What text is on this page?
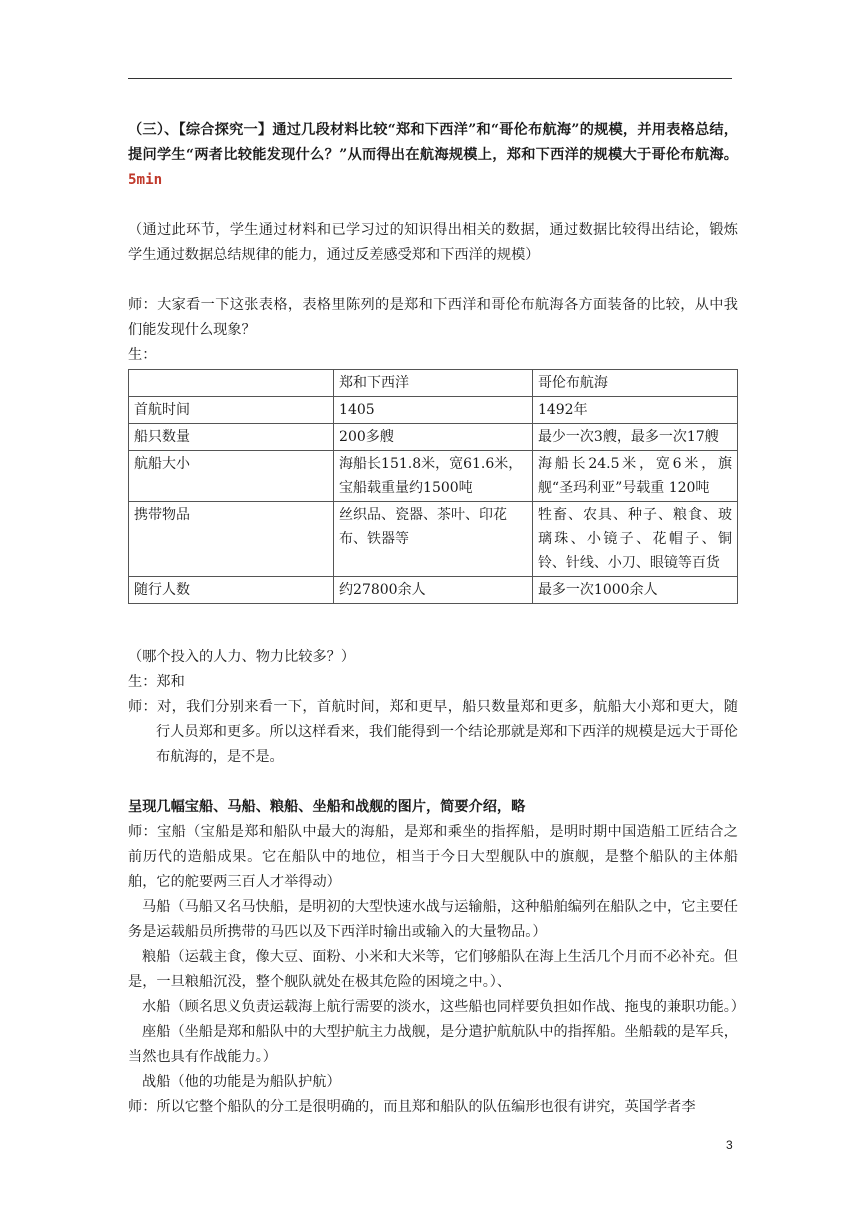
（三）、【综合探究一】通过几段材料比较“郑和下西洋”和“哥伦布航海”的规模，并用表格总结，提问学生“两者比较能发现什么？”从而得出在航海规模上，郑和下西洋的规模大于哥伦布航海。5min

（通过此环节，学生通过材料和已学习过的知识得出相关的数据，通过数据比较得出结论，锻炼学生通过数据总结规律的能力，通过反差感受郑和下西洋的规模）

师：大家看一下这张表格，表格里陈列的是郑和下西洋和哥伦布航海各方面装备的比较，从中我们能发现什么现象？

生：

	郑和下西洋	哥伦布航海
首航时间	1405	1492年
船只数量	200多艘	最少一次3艘，最多一次17艘
航船大小	海船长151.8米，宽61.6米，宝船载重量约1500吨	海船长24.5米，宽6米，旗舰“圣玛利亚”号载重 120吨
携带物品	丝织品、瓷器、茶叶、印花布、铁器等	牲畜、农具、种子、粮食、玻璃珠、小镜子、花帽子、铜铃、针线、小刀、眼镜等百货
随行人数	约27800余人	最多一次1000余人

（哪个投入的人力、物力比较多？）

生：郑和

师：对，我们分别来看一下，首航时间，郑和更早，船只数量郑和更多，航船大小郑和更大，随行人员郑和更多。所以这样看来，我们能得到一个结论那就是郑和下西洋的规模是远大于哥伦布航海的，是不是。

呈现几幅宝船、马船、粮船、坐船和战舰的图片，简要介绍，略

师：宝船（宝船是郑和船队中最大的海船，是郑和乘坐的指挥船，是明时期中国造船工匠结合之前历代的造船成果。它在船队中的地位，相当于今日大型舰队中的旗舰，是整个船队的主体船舶，它的舵要两三百人才举得动）

马船（马船又名马快船，是明初的大型快速水战与运输船，这种船舶编列在船队之中，它主要任务是运载船员所携带的马匹以及下西洋时输出或输入的大量物品。）

粮船（运载主食，像大豆、面粉、小米和大米等，它们够船队在海上生活几个月而不必补充。但是，一旦粮船沉没，整个舰队就处在极其危险的困境之中。）、

水船（顾名思义负责运载海上航行需要的淡水，这些船也同样要负担如作战、拖曳的兼职功能。）

座船（坐船是郑和船队中的大型护航主力战舰，是分遣护航航队中的指挥船。坐船载的是军兵，当然也具有作战能力。）

战船（他的功能是为船队护航）

师：所以它整个船队的分工是很明确的，而且郑和船队的队伍编形也很有讲究，英国学者李

3
